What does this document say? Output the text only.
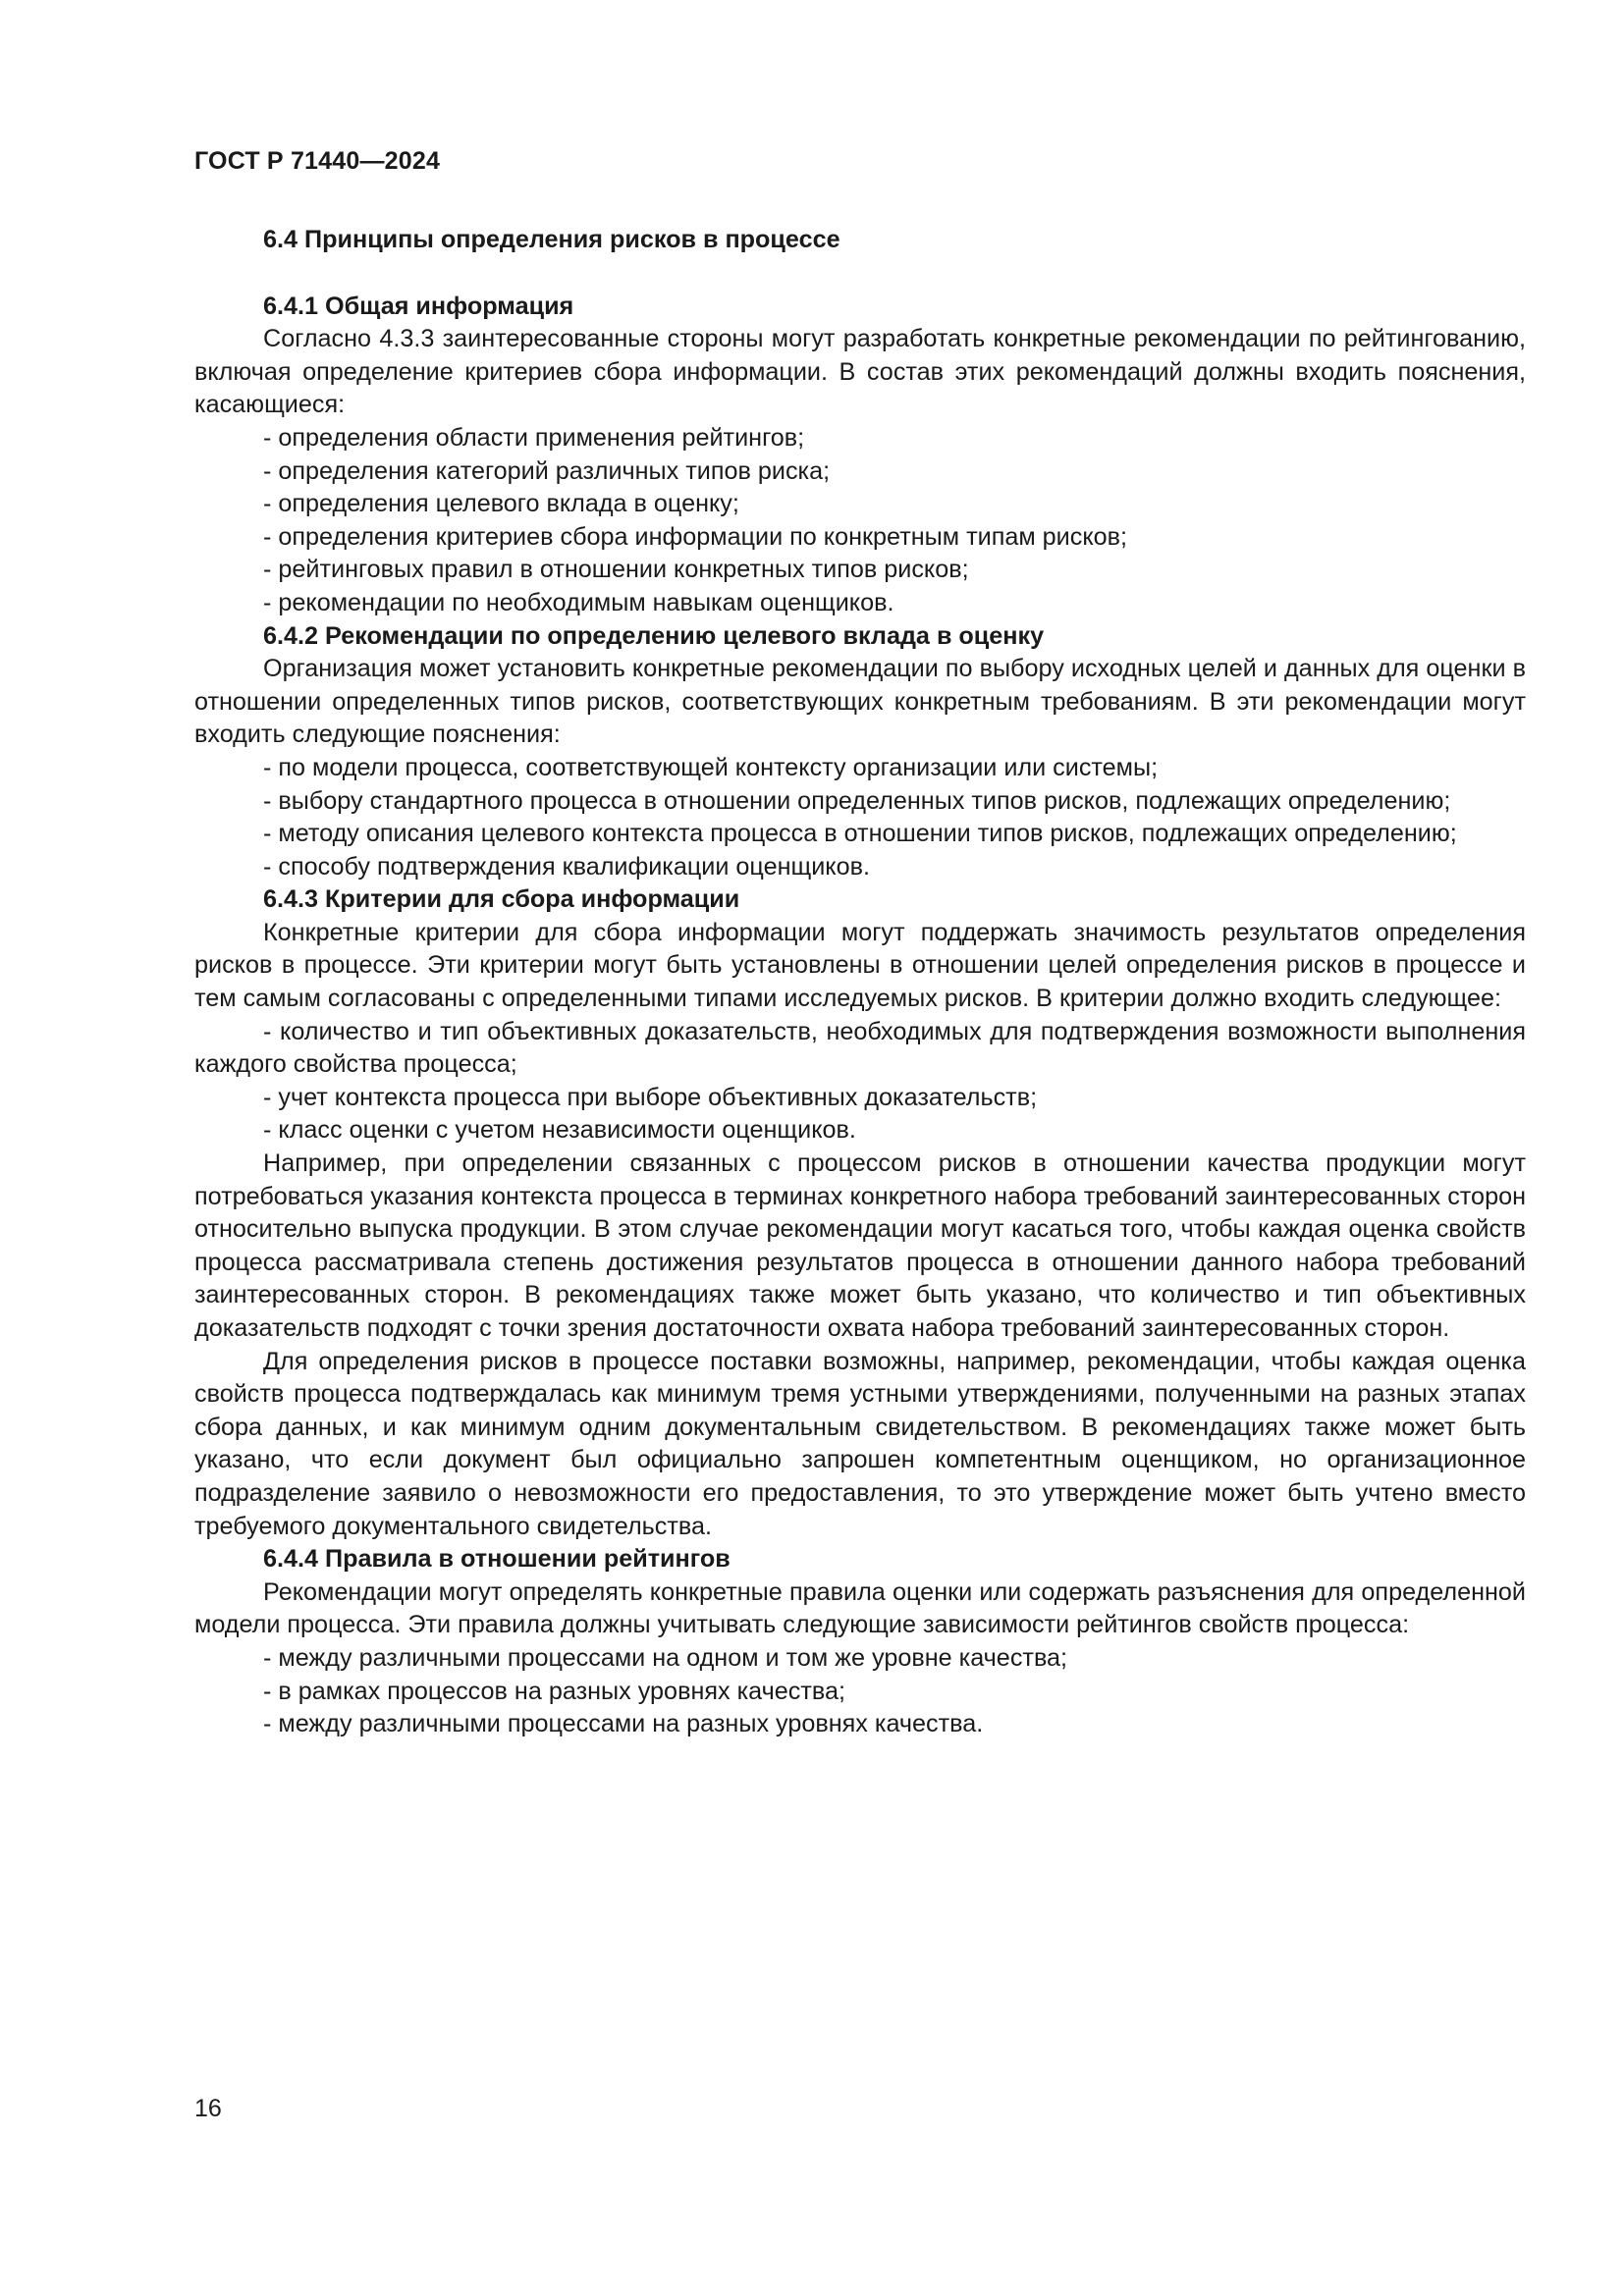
ГОСТ Р 71440—2024
6.4 Принципы определения рисков в процессе
6.4.1 Общая информация

Согласно 4.3.3 заинтересованные стороны могут разработать конкретные рекомендации по рейтингованию, включая определение критериев сбора информации. В состав этих рекомендаций должны входить пояснения, касающиеся:

- определения области применения рейтингов;

- определения категорий различных типов риска;

- определения целевого вклада в оценку;

- определения критериев сбора информации по конкретным типам рисков;

- рейтинговых правил в отношении конкретных типов рисков;

- рекомендации по необходимым навыкам оценщиков.

6.4.2 Рекомендации по определению целевого вклада в оценку

Организация может установить конкретные рекомендации по выбору исходных целей и данных для оценки в отношении определенных типов рисков, соответствующих конкретным требованиям. В эти рекомендации могут входить следующие пояснения:

- по модели процесса, соответствующей контексту организации или системы;

- выбору стандартного процесса в отношении определенных типов рисков, подлежащих определению;

- методу описания целевого контекста процесса в отношении типов рисков, подлежащих определению;

- способу подтверждения квалификации оценщиков.

6.4.3 Критерии для сбора информации

Конкретные критерии для сбора информации могут поддержать значимость результатов определения рисков в процессе. Эти критерии могут быть установлены в отношении целей определения рисков в процессе и тем самым согласованы с определенными типами исследуемых рисков. В критерии должно входить следующее:

- количество и тип объективных доказательств, необходимых для подтверждения возможности выполнения каждого свойства процесса;

- учет контекста процесса при выборе объективных доказательств;

- класс оценки с учетом независимости оценщиков.

Например, при определении связанных с процессом рисков в отношении качества продукции могут потребоваться указания контекста процесса в терминах конкретного набора требований заинтересованных сторон относительно выпуска продукции. В этом случае рекомендации могут касаться того, чтобы каждая оценка свойств процесса рассматривала степень достижения результатов процесса в отношении данного набора требований заинтересованных сторон. В рекомендациях также может быть указано, что количество и тип объективных доказательств подходят с точки зрения достаточности охвата набора требований заинтересованных сторон.

Для определения рисков в процессе поставки возможны, например, рекомендации, чтобы каждая оценка свойств процесса подтверждалась как минимум тремя устными утверждениями, полученными на разных этапах сбора данных, и как минимум одним документальным свидетельством. В рекомендациях также может быть указано, что если документ был официально запрошен компетентным оценщиком, но организационное подразделение заявило о невозможности его предоставления, то это утверждение может быть учтено вместо требуемого документального свидетельства.

6.4.4 Правила в отношении рейтингов

Рекомендации могут определять конкретные правила оценки или содержать разъяснения для определенной модели процесса. Эти правила должны учитывать следующие зависимости рейтингов свойств процесса:

- между различными процессами на одном и том же уровне качества;

- в рамках процессов на разных уровнях качества;

- между различными процессами на разных уровнях качества.

16
